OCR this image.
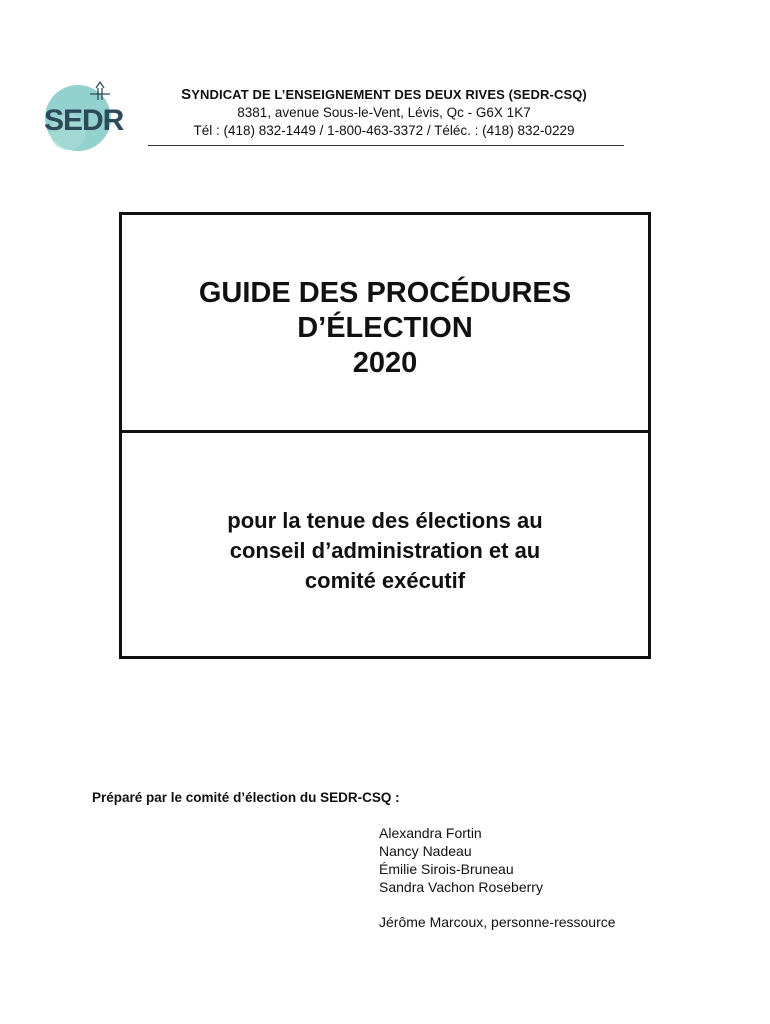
SEDR
SYNDICAT DE L’ENSEIGNEMENT DES DEUX RIVES (SEDR-CSQ)
8381, avenue Sous-le-Vent, Lévis, Qc - G6X 1K7
Tél : (418) 832-1449 / 1-800-463-3372 / Téléc. : (418) 832-0229
GUIDE DES PROCÉDURES
D’ÉLECTION
2020
pour la tenue des élections au
conseil d’administration et au
comité exécutif
Préparé par le comité d’élection du SEDR-CSQ :
Alexandra Fortin
Nancy Nadeau
Émilie Sirois-Bruneau
Sandra Vachon Roseberry
Jérôme Marcoux, personne-ressource
